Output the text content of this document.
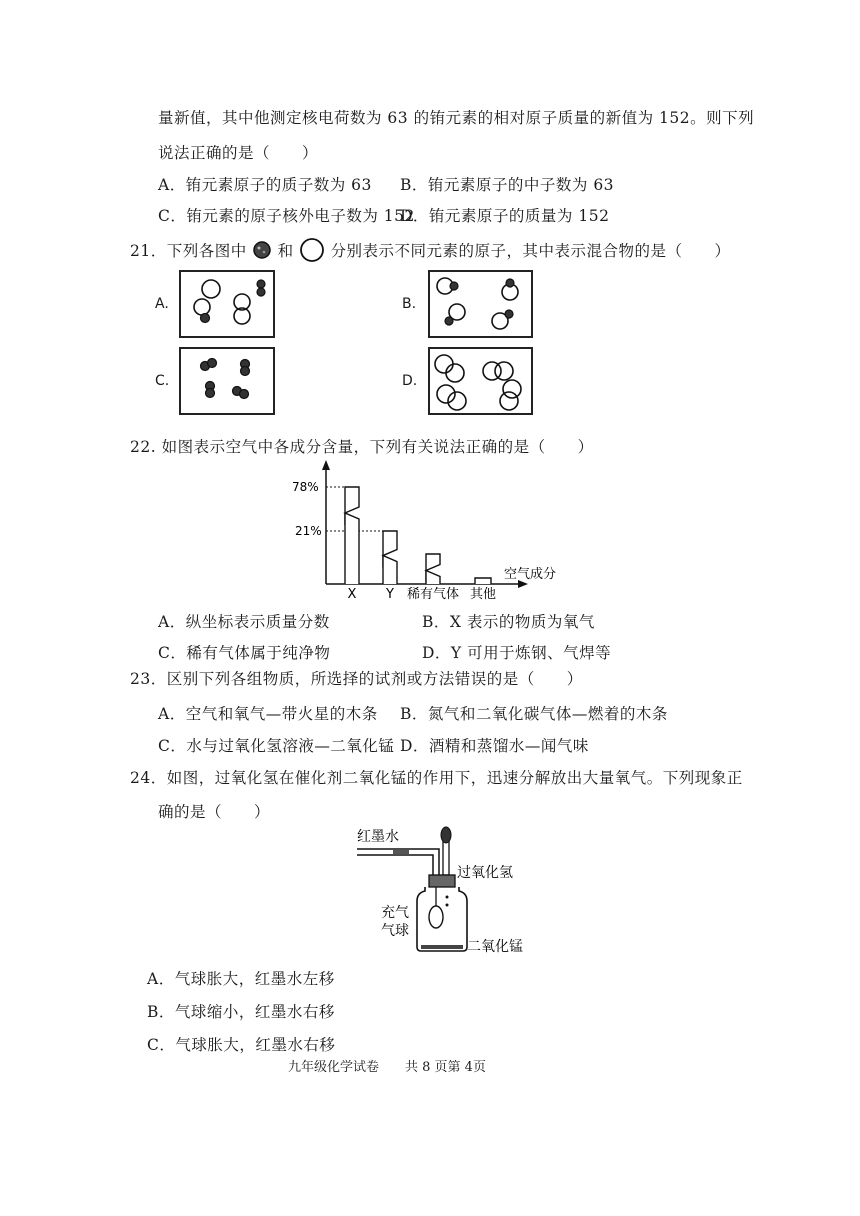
量新值，其中他测定核电荷数为 63 的铕元素的相对原子质量的新值为 152。则下列
说法正确的是（　　）
A．铕元素原子的质子数为 63 B．铕元素原子的中子数为 63
C．铕元素的原子核外电子数为 152
D．铕元素原子的质量为 152
21．下列各图中 和 分别表示不同元素的原子，其中表示混合物的是（　　）
A.	B.
C.	D.
22. 如图表示空气中各成分含量，下列有关说法正确的是（　　）
78%
21%
X Y 稀有气体 其他
空气成分
A．纵坐标表示质量分数	B．X 表示的物质为氧气
C．稀有气体属于纯净物	D．Y 可用于炼钢、气焊等
23．区别下列各组物质，所选择的试剂或方法错误的是（　　）
A．空气和氧气—带火星的木条 B．氮气和二氧化碳气体—燃着的木条
C．水与过氧化氢溶液—二氧化锰 D．酒精和蒸馏水—闻气味
24．如图，过氧化氢在催化剂二氧化锰的作用下，迅速分解放出大量氧气。下列现象正
确的是（　　）
红墨水
过氧化氢
充气
气球
二氧化锰
A．气球胀大，红墨水左移
B．气球缩小，红墨水右移
C．气球胀大，红墨水右移
九年级化学试卷　　共 8 页第 4页
